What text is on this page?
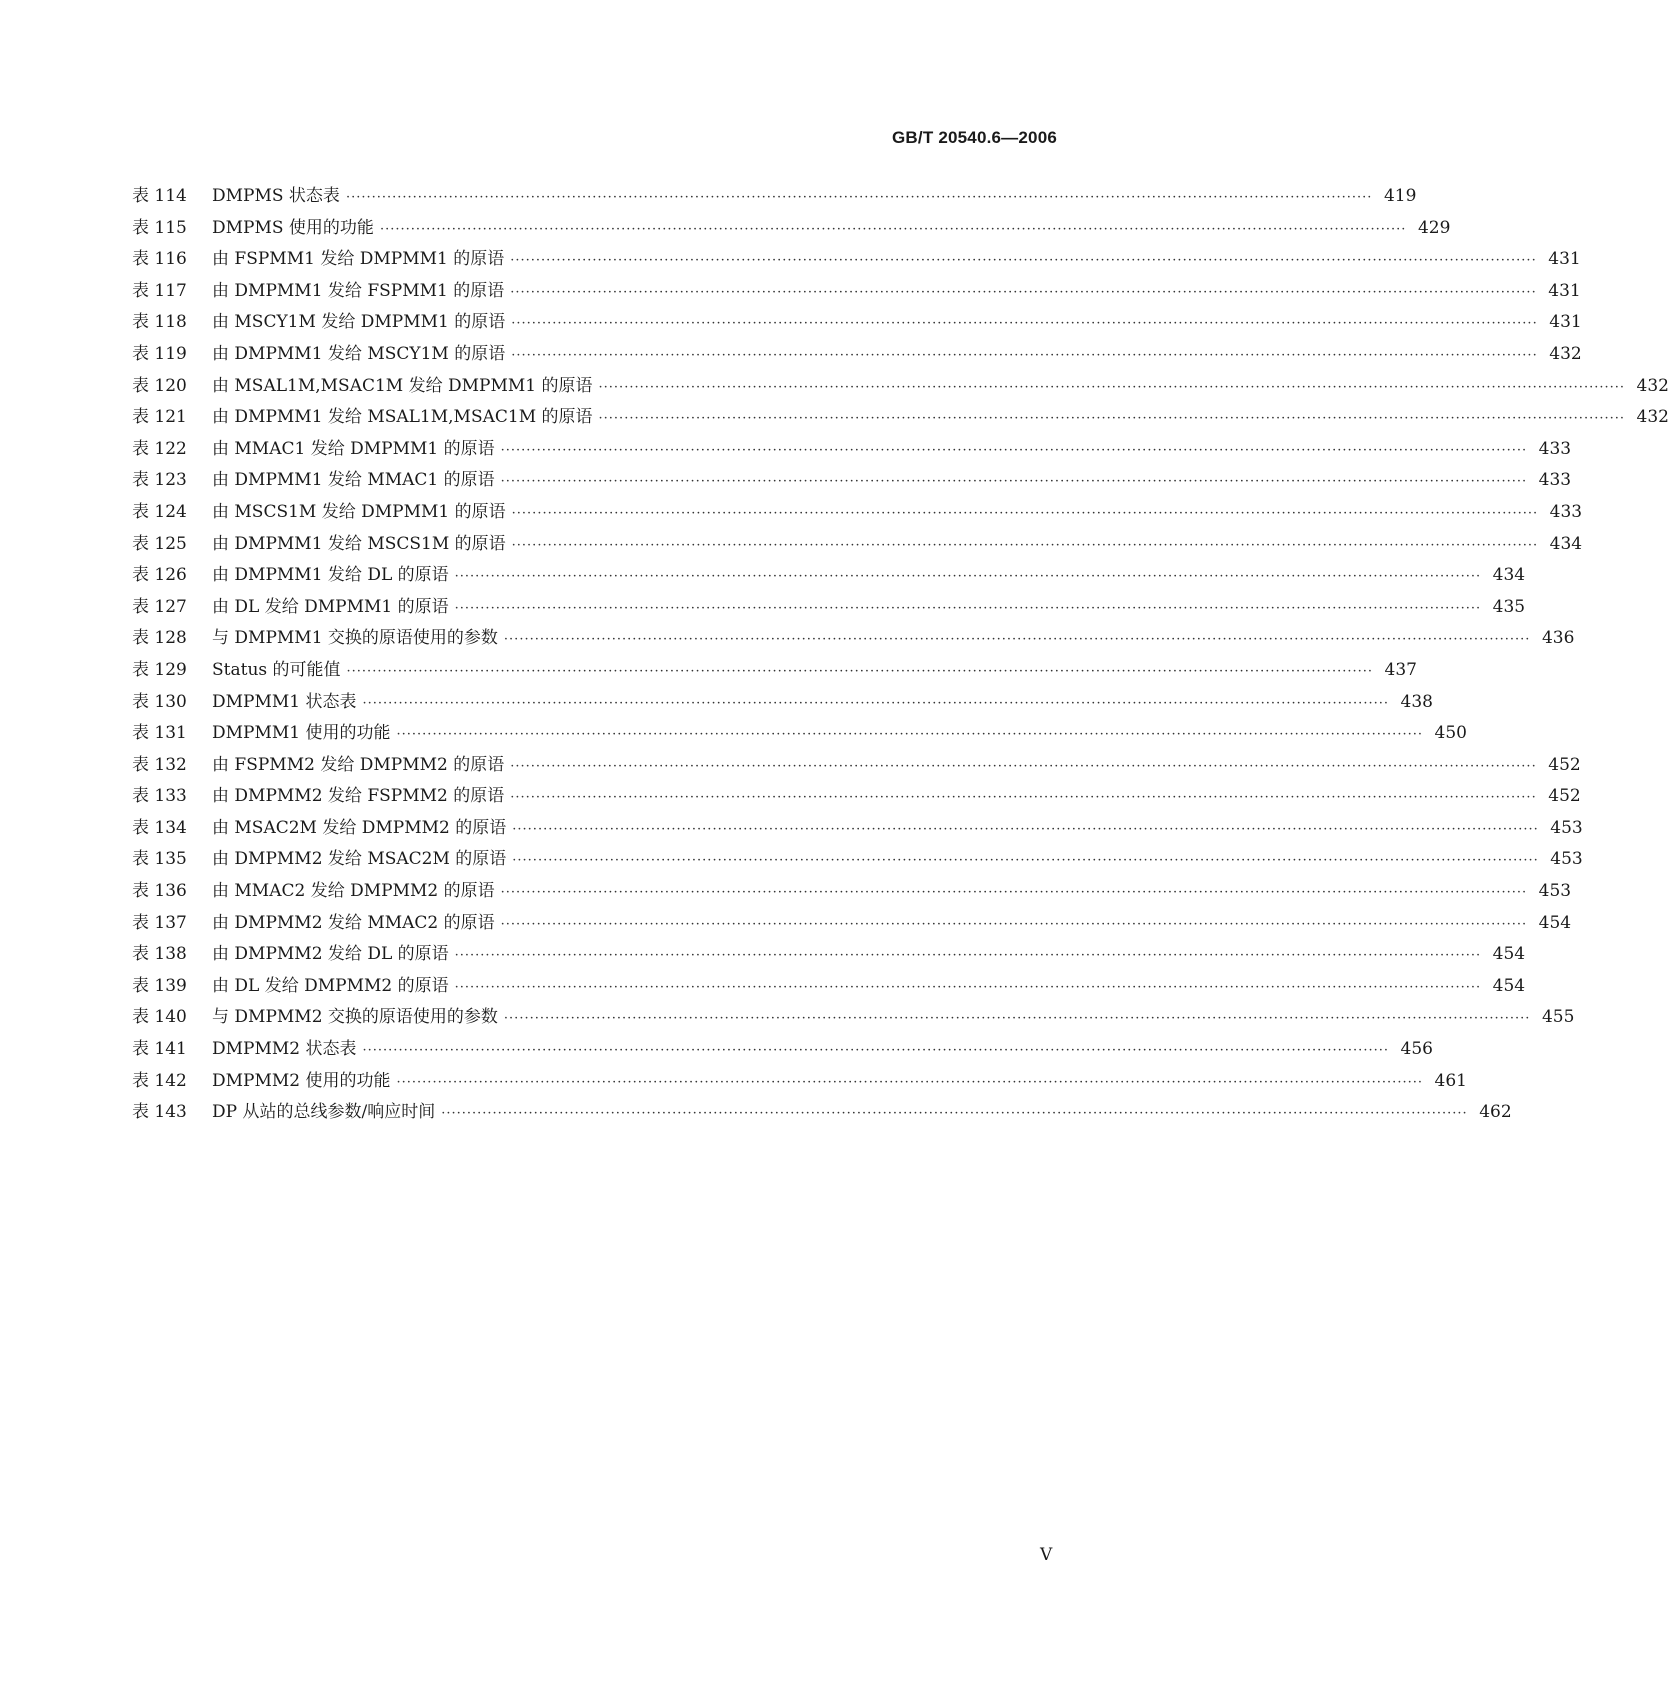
GB/T 20540.6—2006
表 114	DMPMS 状态表 ········································································································································································································ 419
表 115	DMPMS 使用的功能 ········································································································································································································ 429
表 116	由 FSPMM1 发给 DMPMM1 的原语 ········································································································································································································ 431
表 117	由 DMPMM1 发给 FSPMM1 的原语 ········································································································································································································ 431
表 118	由 MSCY1M 发给 DMPMM1 的原语 ········································································································································································································ 431
表 119	由 DMPMM1 发给 MSCY1M 的原语 ········································································································································································································ 432
表 120	由 MSAL1M,MSAC1M 发给 DMPMM1 的原语 ········································································································································································································ 432
表 121	由 DMPMM1 发给 MSAL1M,MSAC1M 的原语 ········································································································································································································ 432
表 122	由 MMAC1 发给 DMPMM1 的原语 ········································································································································································································ 433
表 123	由 DMPMM1 发给 MMAC1 的原语 ········································································································································································································ 433
表 124	由 MSCS1M 发给 DMPMM1 的原语 ········································································································································································································ 433
表 125	由 DMPMM1 发给 MSCS1M 的原语 ········································································································································································································ 434
表 126	由 DMPMM1 发给 DL 的原语 ········································································································································································································ 434
表 127	由 DL 发给 DMPMM1 的原语 ········································································································································································································ 435
表 128	与 DMPMM1 交换的原语使用的参数 ········································································································································································································ 436
表 129	Status 的可能值 ········································································································································································································ 437
表 130	DMPMM1 状态表 ········································································································································································································ 438
表 131	DMPMM1 使用的功能 ········································································································································································································ 450
表 132	由 FSPMM2 发给 DMPMM2 的原语 ········································································································································································································ 452
表 133	由 DMPMM2 发给 FSPMM2 的原语 ········································································································································································································ 452
表 134	由 MSAC2M 发给 DMPMM2 的原语 ········································································································································································································ 453
表 135	由 DMPMM2 发给 MSAC2M 的原语 ········································································································································································································ 453
表 136	由 MMAC2 发给 DMPMM2 的原语 ········································································································································································································ 453
表 137	由 DMPMM2 发给 MMAC2 的原语 ········································································································································································································ 454
表 138	由 DMPMM2 发给 DL 的原语 ········································································································································································································ 454
表 139	由 DL 发给 DMPMM2 的原语 ········································································································································································································ 454
表 140	与 DMPMM2 交换的原语使用的参数 ········································································································································································································ 455
表 141	DMPMM2 状态表 ········································································································································································································ 456
表 142	DMPMM2 使用的功能 ········································································································································································································ 461
表 143	DP 从站的总线参数/响应时间 ········································································································································································································ 462
V
